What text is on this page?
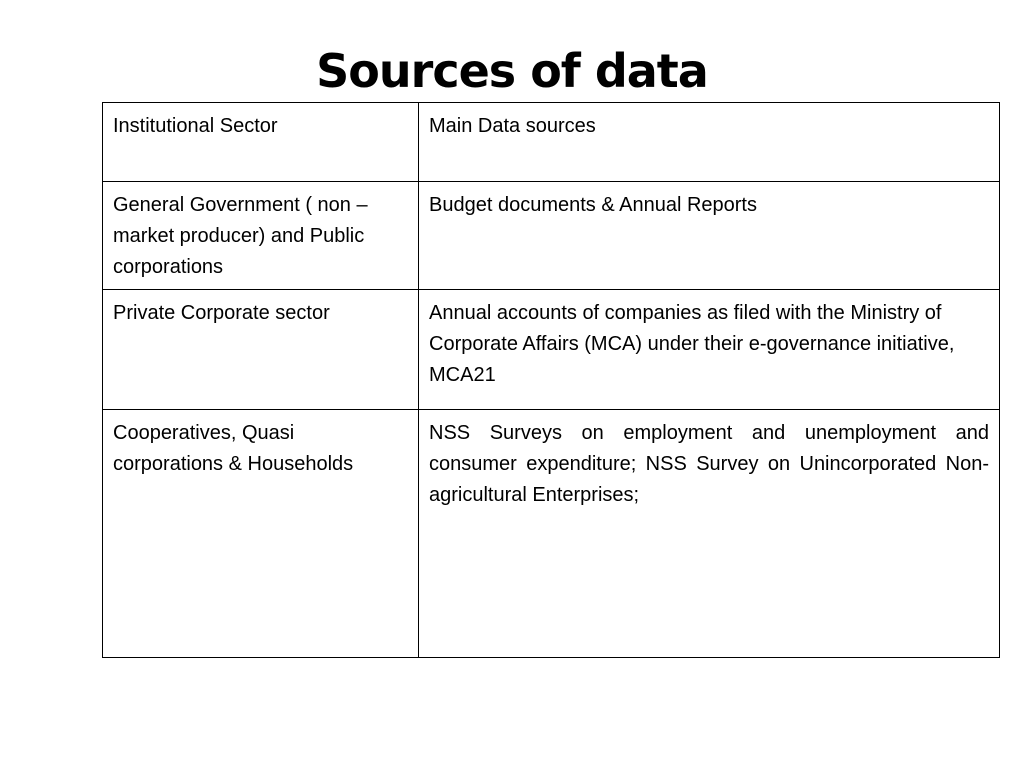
Sources of data
Institutional Sector	Main Data sources
General Government ( non –market producer) and Public corporations	Budget documents & Annual Reports
Private Corporate sector	Annual accounts of companies as filed with the Ministry of Corporate Affairs (MCA) under their e-governance initiative, MCA21
Cooperatives, Quasi corporations & Households	NSS Surveys on employment and unemployment and consumer expenditure; NSS Survey on Unincorporated Non-agricultural Enterprises;
